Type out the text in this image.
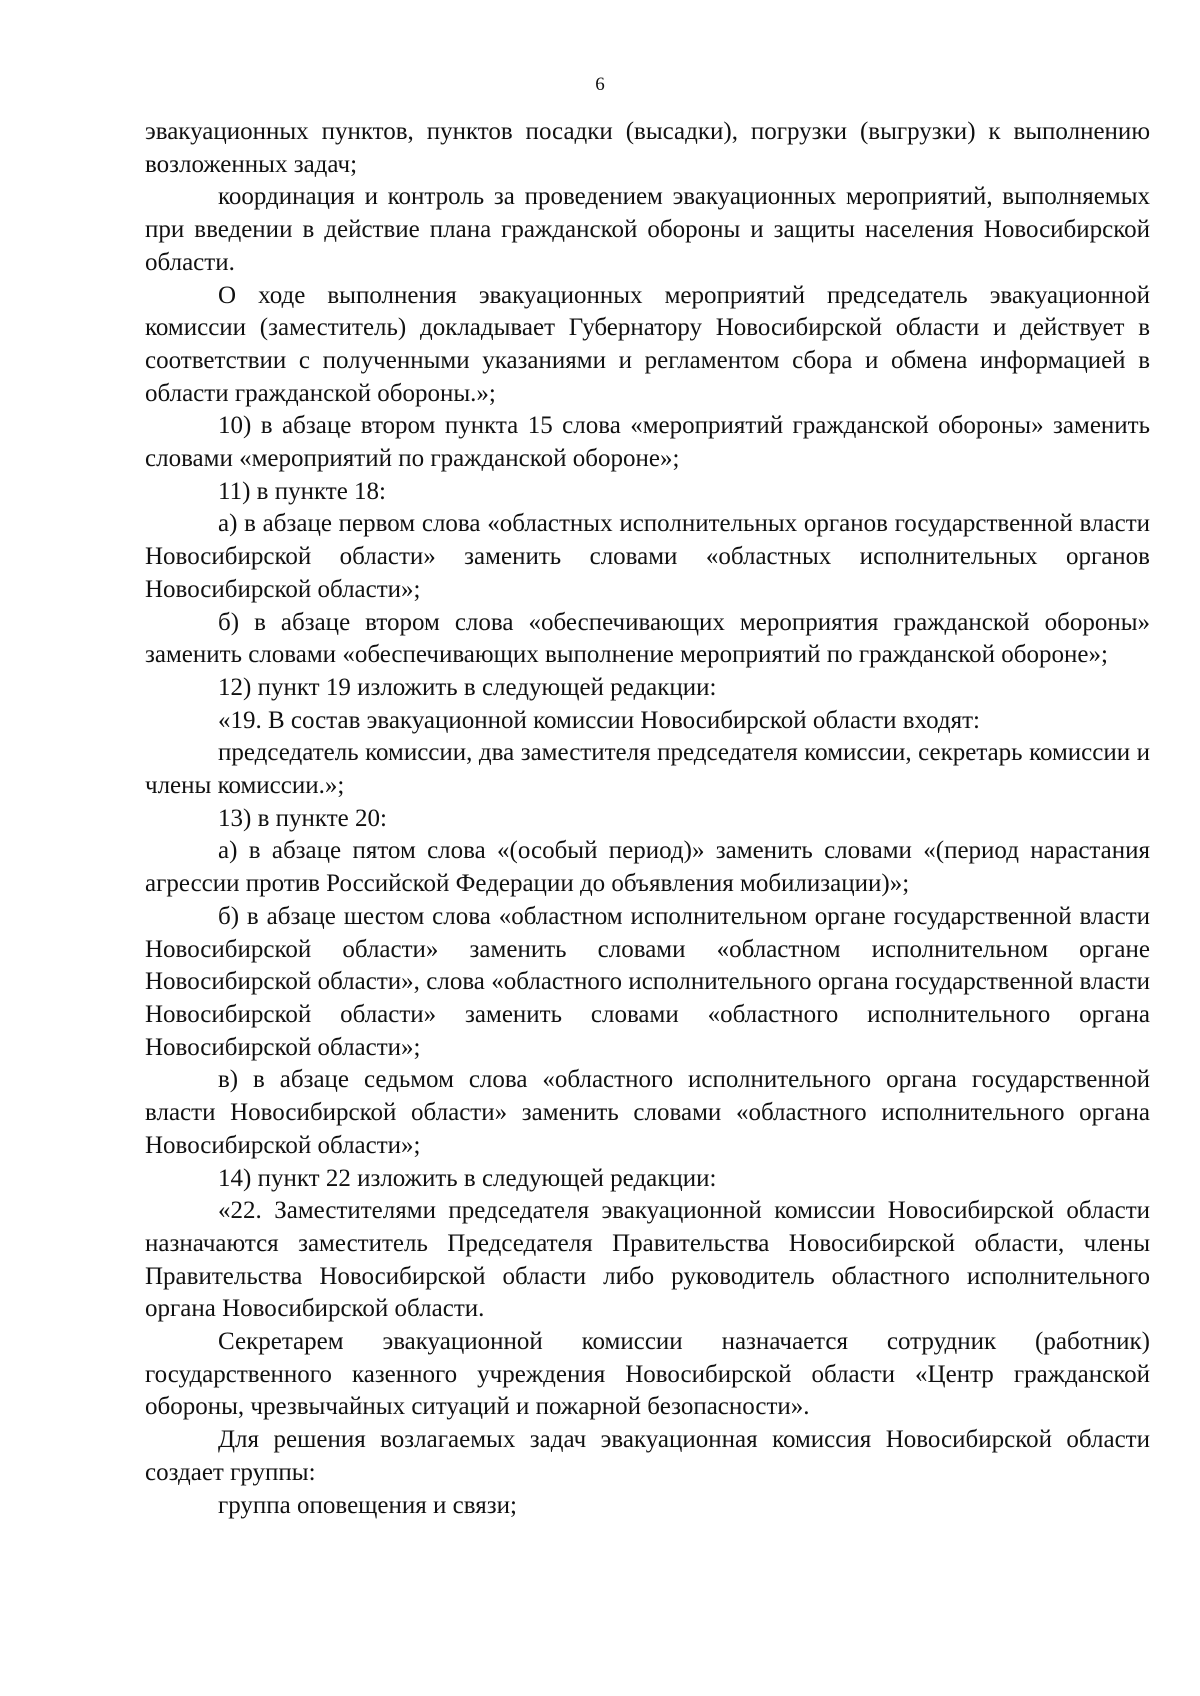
6

эвакуационных пунктов, пунктов посадки (высадки), погрузки (выгрузки) к выполнению возложенных задач;

координация и контроль за проведением эвакуационных мероприятий, выполняемых при введении в действие плана гражданской обороны и защиты населения Новосибирской области.

О ходе выполнения эвакуационных мероприятий председатель эвакуационной комиссии (заместитель) докладывает Губернатору Новосибирской области и действует в соответствии с полученными указаниями и регламентом сбора и обмена информацией в области гражданской обороны.»;

10) в абзаце втором пункта 15 слова «мероприятий гражданской обороны» заменить словами «мероприятий по гражданской обороне»;

11) в пункте 18:

а) в абзаце первом слова «областных исполнительных органов государственной власти Новосибирской области» заменить словами «областных исполнительных органов Новосибирской области»;

б) в абзаце втором слова «обеспечивающих мероприятия гражданской обороны» заменить словами «обеспечивающих выполнение мероприятий по гражданской обороне»;

12) пункт 19 изложить в следующей редакции:

«19. В состав эвакуационной комиссии Новосибирской области входят:

председатель комиссии, два заместителя председателя комиссии, секретарь комиссии и члены комиссии.»;

13) в пункте 20:

а) в абзаце пятом слова «(особый период)» заменить словами «(период нарастания агрессии против Российской Федерации до объявления мобилизации)»;

б) в абзаце шестом слова «областном исполнительном органе государственной власти Новосибирской области» заменить словами «областном исполнительном органе Новосибирской области», слова «областного исполнительного органа государственной власти Новосибирской области» заменить словами «областного исполнительного органа Новосибирской области»;

в) в абзаце седьмом слова «областного исполнительного органа государственной власти Новосибирской области» заменить словами «областного исполнительного органа Новосибирской области»;

14) пункт 22 изложить в следующей редакции:

«22. Заместителями председателя эвакуационной комиссии Новосибирской области назначаются заместитель Председателя Правительства Новосибирской области, члены Правительства Новосибирской области либо руководитель областного исполнительного органа Новосибирской области.

Секретарем эвакуационной комиссии назначается сотрудник (работник) государственного казенного учреждения Новосибирской области «Центр гражданской обороны, чрезвычайных ситуаций и пожарной безопасности».

Для решения возлагаемых задач эвакуационная комиссия Новосибирской области создает группы:

группа оповещения и связи;
